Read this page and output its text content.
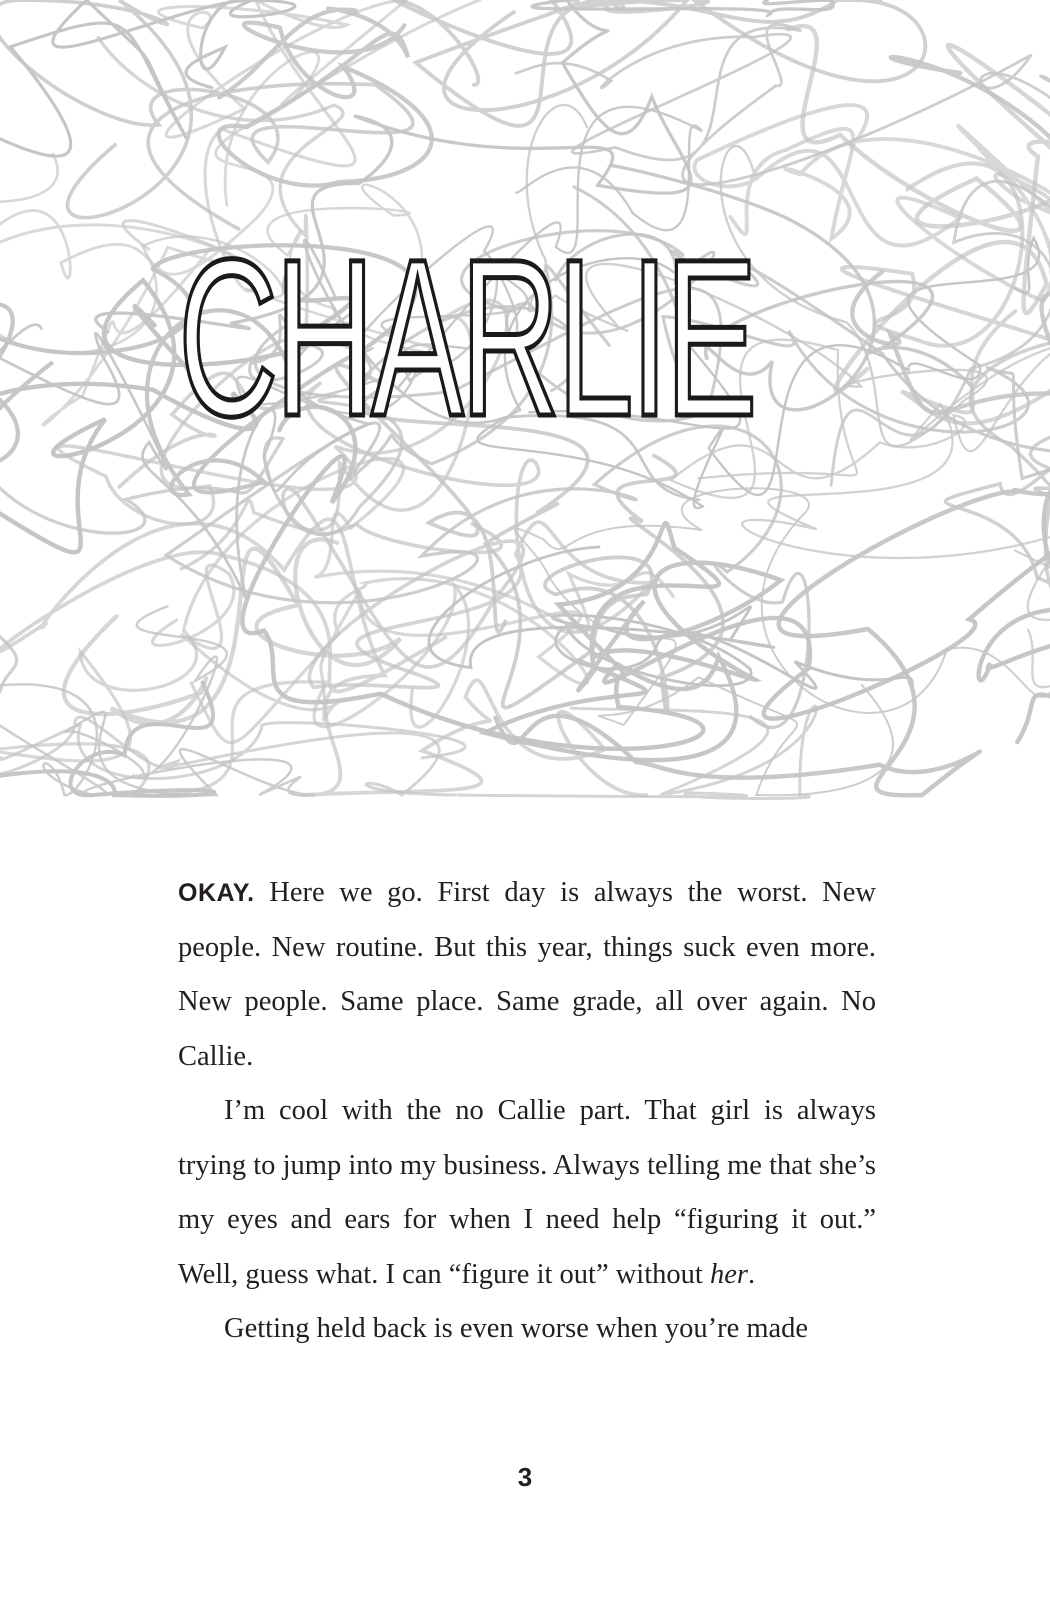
CHARLIE

OKAY. Here we go. First day is always the worst. New people. New routine. But this year, things suck even more. New people. Same place. Same grade, all over again. No Callie.

I’m cool with the no Callie part. That girl is always trying to jump into my business. Always telling me that she’s my eyes and ears for when I need help “figuring it out.” Well, guess what. I can “figure it out” without her.

Getting held back is even worse when you’re made

3
